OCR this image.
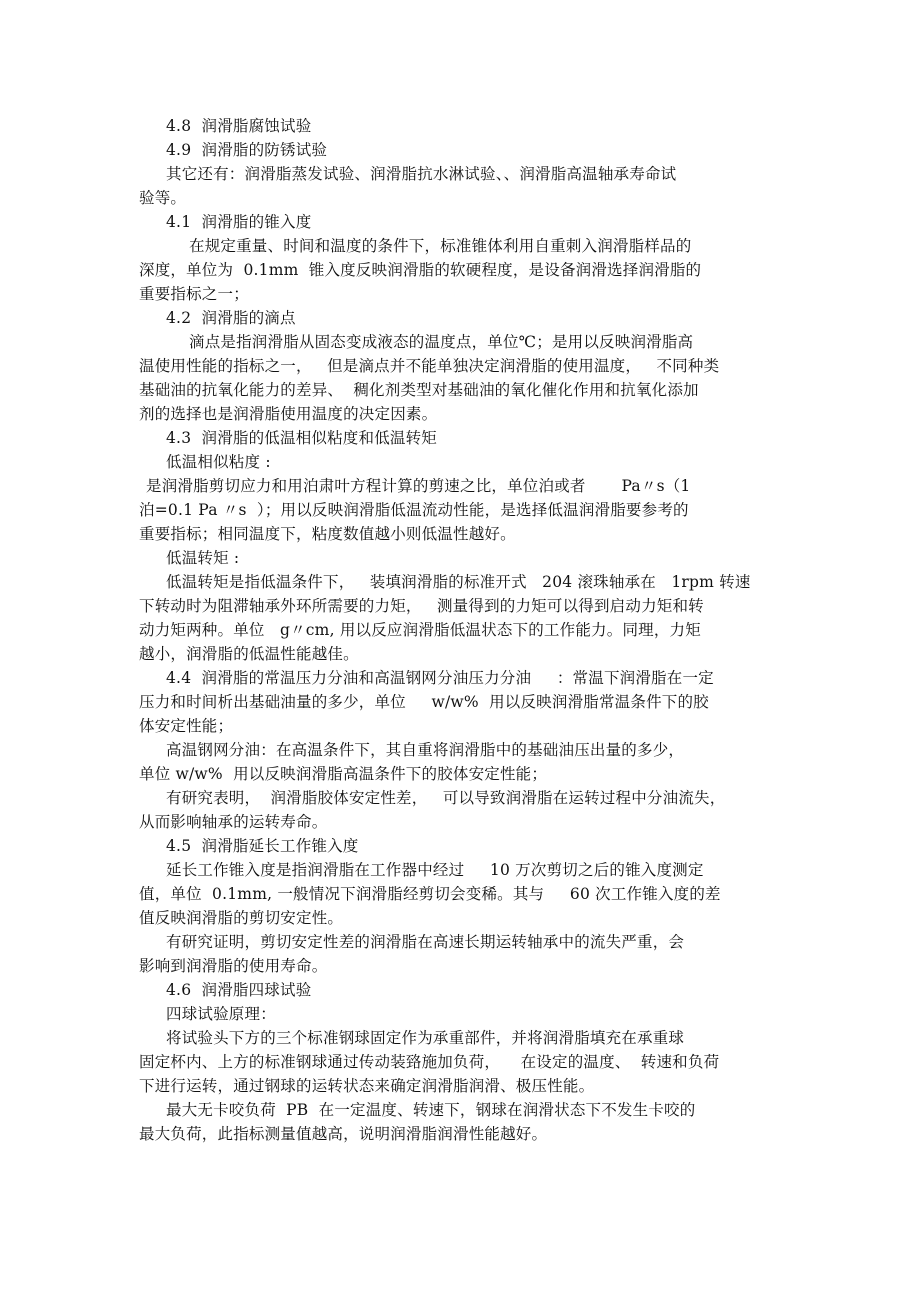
4.8  润滑脂腐蚀试验
4.9  润滑脂的防锈试验
其它还有：润滑脂蒸发试验、润滑脂抗水淋试验、、润滑脂高温轴承寿命试
验等。
4.1  润滑脂的锥入度
在规定重量、时间和温度的条件下，标准锥体利用自重刺入润滑脂样品的
深度，单位为  0.1mm  锥入度反映润滑脂的软硬程度，是设备润滑选择润滑脂的
重要指标之一；
4.2  润滑脂的滴点
滴点是指润滑脂从固态变成液态的温度点，单位℃；是用以反映润滑脂高
温使用性能的指标之一，   但是滴点并不能单独决定润滑脂的使用温度，   不同种类
基础油的抗氧化能力的差异、  稠化剂类型对基础油的氧化催化作用和抗氧化添加
剂的选择也是润滑脂使用温度的决定因素。
4.3  润滑脂的低温相似粘度和低温转矩
低温相似粘度 :
是润滑脂剪切应力和用泊肃叶方程计算的剪速之比，单位泊或者       Pa〃s（1
泊=0.1 Pa 〃s  ）；用以反映润滑脂低温流动性能，是选择低温润滑脂要参考的
重要指标；相同温度下，粘度数值越小则低温性越好。
低温转矩 :
低温转矩是指低温条件下，   装填润滑脂的标准开式   204 滚珠轴承在   1rpm 转速
下转动时为阻滞轴承外环所需要的力矩，   测量得到的力矩可以得到启动力矩和转
动力矩两种。单位   g〃cm, 用以反应润滑脂低温状态下的工作能力。同理，力矩
越小，润滑脂的低温性能越佳。
4.4  润滑脂的常温压力分油和高温钢网分油压力分油     ：常温下润滑脂在一定
压力和时间析出基础油量的多少，单位     w/w%  用以反映润滑脂常温条件下的胶
体安定性能；
高温钢网分油：在高温条件下，其自重将润滑脂中的基础油压出量的多少，
单位 w/w%  用以反映润滑脂高温条件下的胶体安定性能；
有研究表明，  润滑脂胶体安定性差，   可以导致润滑脂在运转过程中分油流失，
从而影响轴承的运转寿命。
4.5  润滑脂延长工作锥入度
延长工作锥入度是指润滑脂在工作器中经过     10 万次剪切之后的锥入度测定
值，单位  0.1mm, 一般情况下润滑脂经剪切会变稀。其与     60 次工作锥入度的差
值反映润滑脂的剪切安定性。
有研究证明，剪切安定性差的润滑脂在高速长期运转轴承中的流失严重，会
影响到润滑脂的使用寿命。
4.6  润滑脂四球试验
四球试验原理：
将试验头下方的三个标准钢球固定作为承重部件，并将润滑脂填充在承重球
固定杯内、上方的标准钢球通过传动装臵施加负荷，    在设定的温度、  转速和负荷
下进行运转，通过钢球的运转状态来确定润滑脂润滑、极压性能。
最大无卡咬负荷  PB  在一定温度、转速下，钢球在润滑状态下不发生卡咬的
最大负荷，此指标测量值越高，说明润滑脂润滑性能越好。
